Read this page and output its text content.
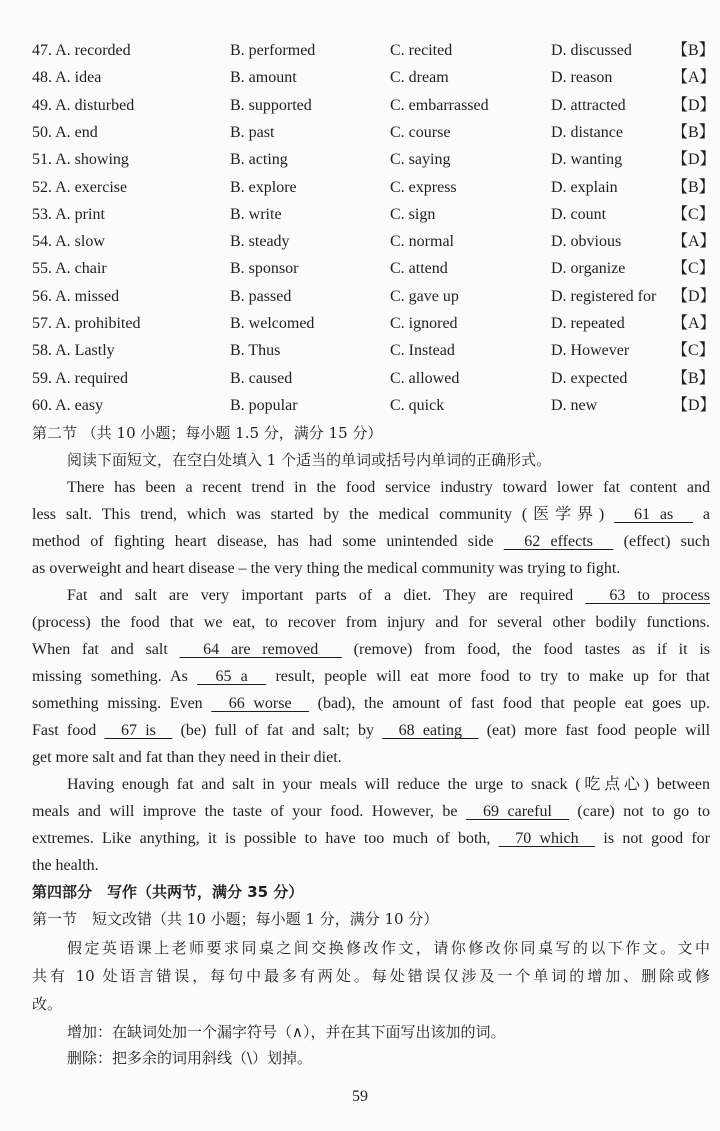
47. A. recorded	B. performed	C. recited	D. discussed	【B】
48. A. idea	B. amount	C. dream	D. reason	【A】
49. A. disturbed	B. supported	C. embarrassed	D. attracted	【D】
50. A. end	B. past	C. course	D. distance	【B】
51. A. showing	B. acting	C. saying	D. wanting	【D】
52. A. exercise	B. explore	C. express	D. explain	【B】
53. A. print	B. write	C. sign	D. count	【C】
54. A. slow	B. steady	C. normal	D. obvious	【A】
55. A. chair	B. sponsor	C. attend	D. organize	【C】
56. A. missed	B. passed	C. gave up	D. registered for 【D】
57. A. prohibited	B. welcomed	C. ignored	D. repeated	【A】
58. A. Lastly	B. Thus	C. Instead	D. However	【C】
59. A. required	B. caused	C. allowed	D. expected	【B】
60. A. easy	B. popular	C. quick	D. new	【D】
第二节 （共 10 小题；每小题 1.5 分，满分 15 分）
阅读下面短文，在空白处填入 1 个适当的单词或括号内单词的正确形式。
There has been a recent trend in the food service industry toward lower fat content and
less salt. This trend, which was started by the medical community (医学界)   61 as   a
method of fighting heart disease, has had some unintended side   62 effects   (effect) such
as overweight and heart disease – the very thing the medical community was trying to fight.
Fat and salt are very important parts of a diet. They are required   63 to process
(process) the food that we eat, to recover from injury and for several other bodily functions.
When fat and salt   64 are removed   (remove) from food, the food tastes as if it is
missing something. As   65 a   result, people will eat more food to try to make up for that
something missing. Even   66 worse   (bad), the amount of fast food that people eat goes up.
Fast food   67 is   (be) full of fat and salt; by   68 eating   (eat) more fast food people will
get more salt and fat than they need in their diet.
Having enough fat and salt in your meals will reduce the urge to snack (吃点心) between
meals and will improve the taste of your food. However, be   69 careful   (care) not to go to
extremes. Like anything, it is possible to have too much of both,   70 which   is not good for
the health.
第四部分　写作（共两节，满分 35 分）
第一节　短文改错（共 10 小题；每小题 1 分，满分 10 分）
假定英语课上老师要求同桌之间交换修改作文，请你修改你同桌写的以下作文。文中
共有 10 处语言错误，每句中最多有两处。每处错误仅涉及一个单词的增加、删除或修
改。
增加：在缺词处加一个漏字符号（∧），并在其下面写出该加的词。
删除：把多余的词用斜线（\）划掉。
59
